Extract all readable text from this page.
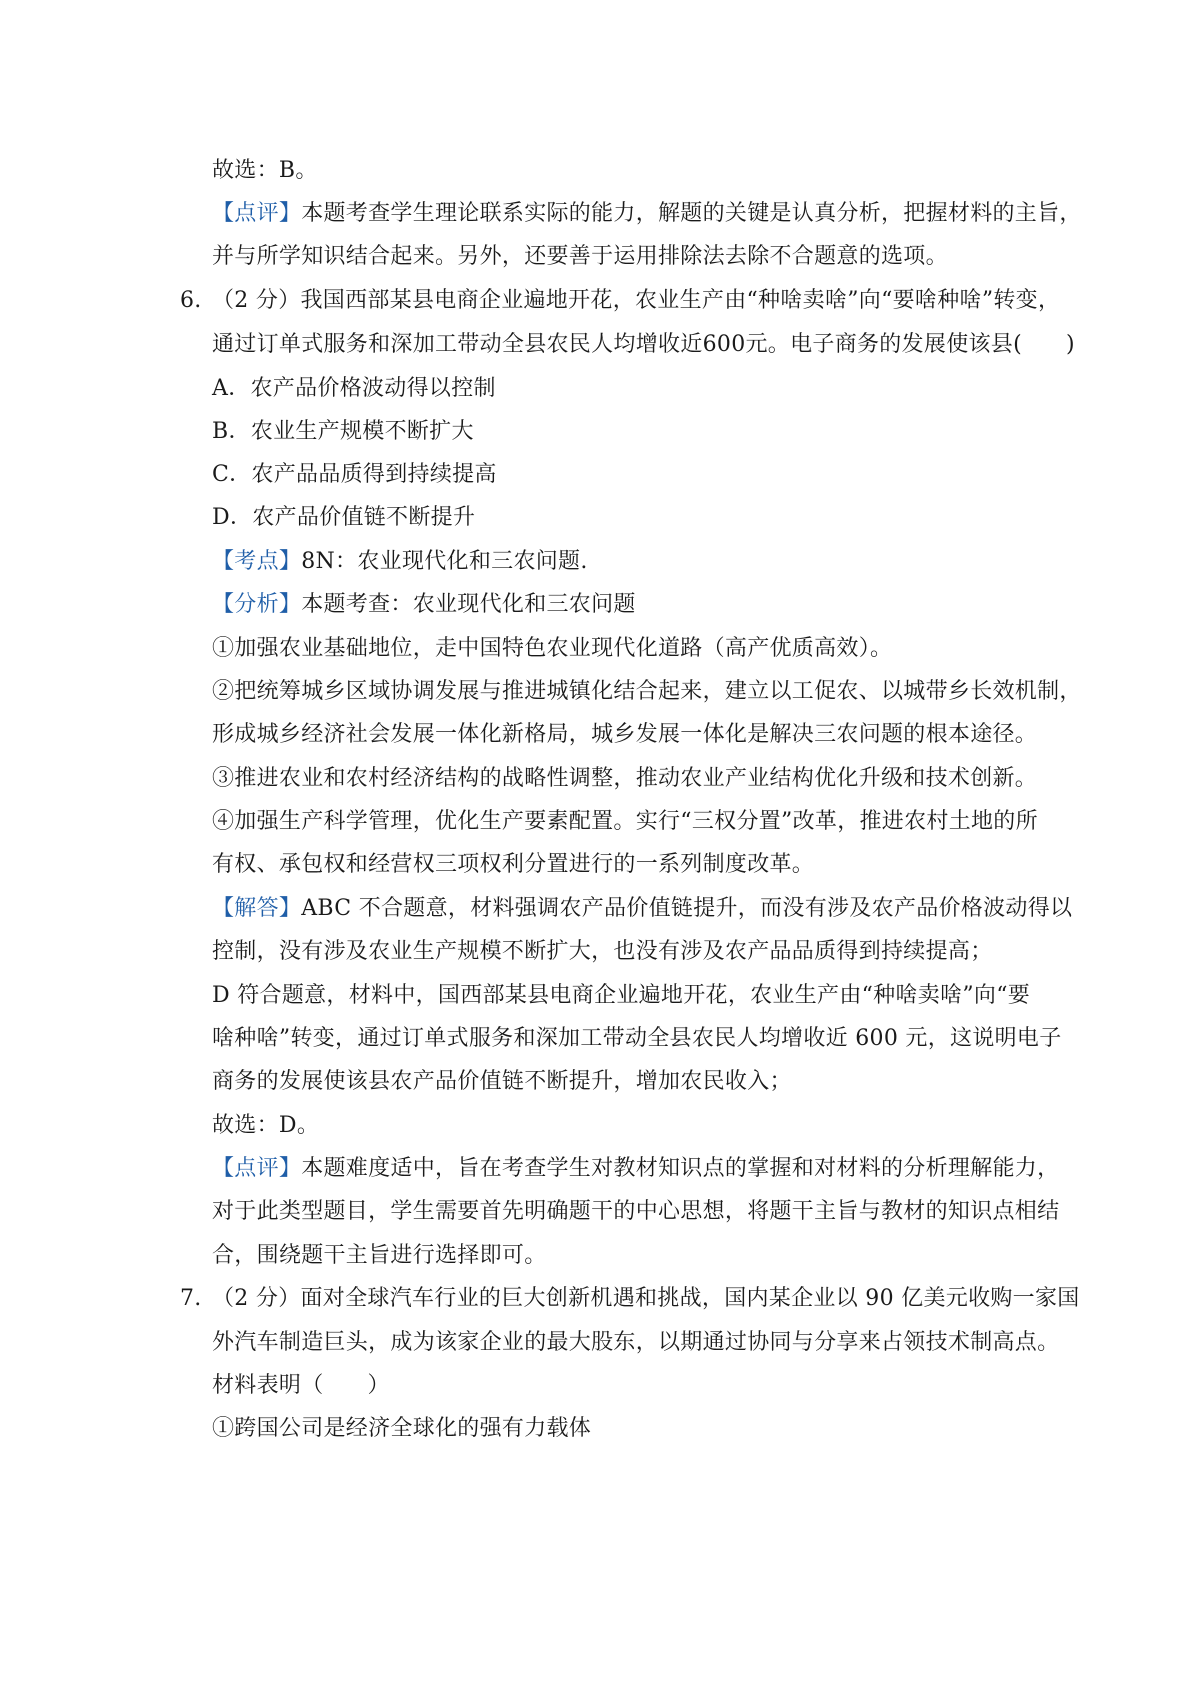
故选：B。
【点评】本题考查学生理论联系实际的能力，解题的关键是认真分析，把握材料的主旨，
并与所学知识结合起来。另外，还要善于运用排除法去除不合题意的选项。
6. （2 分）我国西部某县电商企业遍地开花，农业生产由“种啥卖啥”向“要啥种啥”转变，
通过订单式服务和深加工带动全县农民人均增收近600元。电子商务的发展使该县( )
A．农产品价格波动得以控制
B．农业生产规模不断扩大
C．农产品品质得到持续提高
D．农产品价值链不断提升
【考点】8N：农业现代化和三农问题.
【分析】本题考查：农业现代化和三农问题
①加强农业基础地位，走中国特色农业现代化道路（高产优质高效）。
②把统筹城乡区域协调发展与推进城镇化结合起来，建立以工促农、以城带乡长效机制，
形成城乡经济社会发展一体化新格局，城乡发展一体化是解决三农问题的根本途径。
③推进农业和农村经济结构的战略性调整，推动农业产业结构优化升级和技术创新。
④加强生产科学管理，优化生产要素配置。实行“三权分置”改革，推进农村土地的所
有权、承包权和经营权三项权利分置进行的一系列制度改革。
【解答】ABC 不合题意，材料强调农产品价值链提升，而没有涉及农产品价格波动得以
控制，没有涉及农业生产规模不断扩大，也没有涉及农产品品质得到持续提高；
D 符合题意，材料中，国西部某县电商企业遍地开花，农业生产由“种啥卖啥”向“要
啥种啥”转变，通过订单式服务和深加工带动全县农民人均增收近 600 元，这说明电子
商务的发展使该县农产品价值链不断提升，增加农民收入；
故选：D。
【点评】本题难度适中，旨在考查学生对教材知识点的掌握和对材料的分析理解能力，
对于此类型题目，学生需要首先明确题干的中心思想，将题干主旨与教材的知识点相结
合，围绕题干主旨进行选择即可。
7. （2 分）面对全球汽车行业的巨大创新机遇和挑战，国内某企业以 90 亿美元收购一家国
外汽车制造巨头，成为该家企业的最大股东，以期通过协同与分享来占领技术制高点。
材料表明（ ）
①跨国公司是经济全球化的强有力载体
